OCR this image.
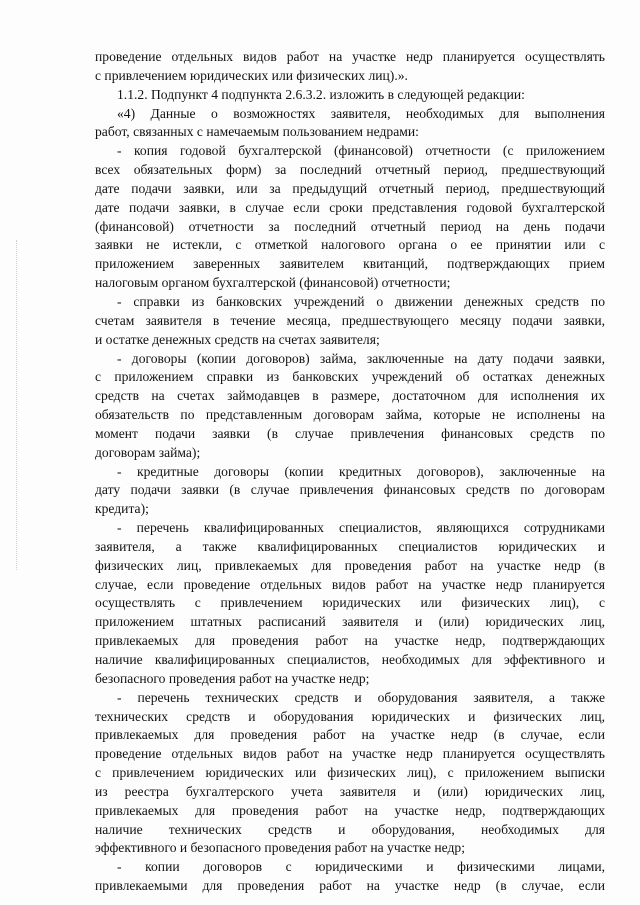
проведение отдельных видов работ на участке недр планируется осуществлять
с привлечением юридических или физических лиц).».
1.1.2. Подпункт 4 подпункта 2.6.3.2. изложить в следующей редакции:
«4) Данные о возможностях заявителя, необходимых для выполнения
работ, связанных с намечаемым пользованием недрами:
- копия годовой бухгалтерской (финансовой) отчетности (с приложением
всех обязательных форм) за последний отчетный период, предшествующий
дате подачи заявки, или за предыдущий отчетный период, предшествующий
дате подачи заявки, в случае если сроки представления годовой бухгалтерской
(финансовой) отчетности за последний отчетный период на день подачи
заявки не истекли, с отметкой налогового органа о ее принятии или с
приложением заверенных заявителем квитанций, подтверждающих прием
налоговым органом бухгалтерской (финансовой) отчетности;
- справки из банковских учреждений о движении денежных средств по
счетам заявителя в течение месяца, предшествующего месяцу подачи заявки,
и остатке денежных средств на счетах заявителя;
- договоры (копии договоров) займа, заключенные на дату подачи заявки,
с приложением справки из банковских учреждений об остатках денежных
средств на счетах займодавцев в размере, достаточном для исполнения их
обязательств по представленным договорам займа, которые не исполнены на
момент подачи заявки (в случае привлечения финансовых средств по
договорам займа);
- кредитные договоры (копии кредитных договоров), заключенные на
дату подачи заявки (в случае привлечения финансовых средств по договорам
кредита);
- перечень квалифицированных специалистов, являющихся сотрудниками
заявителя, а также квалифицированных специалистов юридических и
физических лиц, привлекаемых для проведения работ на участке недр (в
случае, если проведение отдельных видов работ на участке недр планируется
осуществлять с привлечением юридических или физических лиц), с
приложением штатных расписаний заявителя и (или) юридических лиц,
привлекаемых для проведения работ на участке недр, подтверждающих
наличие квалифицированных специалистов, необходимых для эффективного и
безопасного проведения работ на участке недр;
- перечень технических средств и оборудования заявителя, а также
технических средств и оборудования юридических и физических лиц,
привлекаемых для проведения работ на участке недр (в случае, если
проведение отдельных видов работ на участке недр планируется осуществлять
с привлечением юридических или физических лиц), с приложением выписки
из реестра бухгалтерского учета заявителя и (или) юридических лиц,
привлекаемых для проведения работ на участке недр, подтверждающих
наличие технических средств и оборудования, необходимых для
эффективного и безопасного проведения работ на участке недр;
- копии договоров с юридическими и физическими лицами,
привлекаемыми для проведения работ на участке недр (в случае, если
